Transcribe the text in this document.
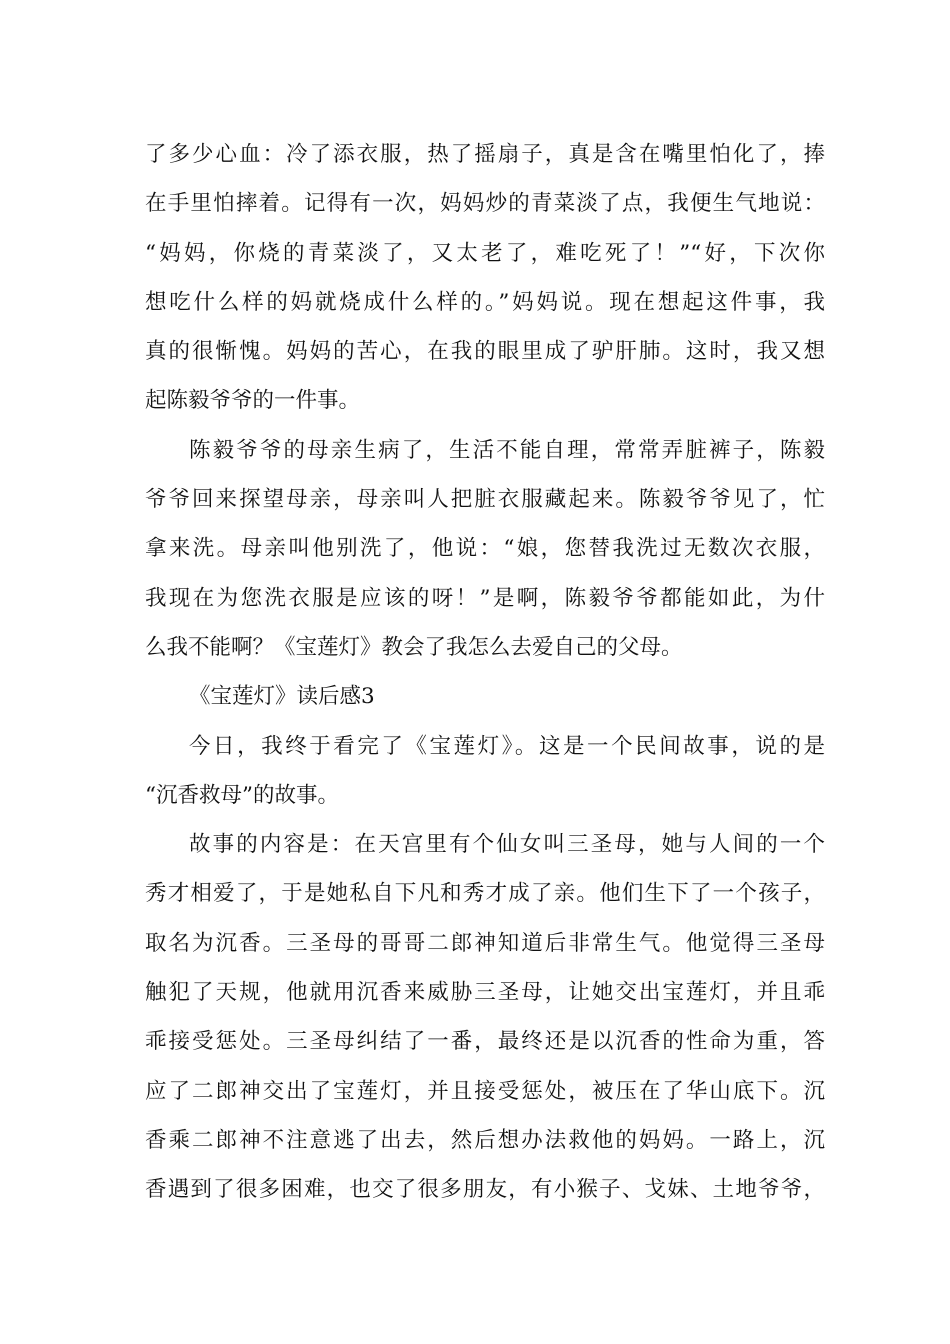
了多少心血：冷了添衣服，热了摇扇子，真是含在嘴里怕化了，捧
在手里怕摔着。记得有一次，妈妈炒的青菜淡了点，我便生气地说：
“妈妈，你烧的青菜淡了，又太老了，难吃死了！”“好，下次你
想吃什么样的妈就烧成什么样的。”妈妈说。现在想起这件事，我
真的很惭愧。妈妈的苦心，在我的眼里成了驴肝肺。这时，我又想
起陈毅爷爷的一件事。
陈毅爷爷的母亲生病了，生活不能自理，常常弄脏裤子，陈毅
爷爷回来探望母亲，母亲叫人把脏衣服藏起来。陈毅爷爷见了，忙
拿来洗。母亲叫他别洗了，他说：“娘，您替我洗过无数次衣服，
我现在为您洗衣服是应该的呀！”是啊，陈毅爷爷都能如此，为什
么我不能啊？《宝莲灯》教会了我怎么去爱自己的父母。
《宝莲灯》读后感3
今日，我终于看完了《宝莲灯》。这是一个民间故事，说的是
“沉香救母”的故事。
故事的内容是：在天宫里有个仙女叫三圣母，她与人间的一个
秀才相爱了，于是她私自下凡和秀才成了亲。他们生下了一个孩子，
取名为沉香。三圣母的哥哥二郎神知道后非常生气。他觉得三圣母
触犯了天规，他就用沉香来威胁三圣母，让她交出宝莲灯，并且乖
乖接受惩处。三圣母纠结了一番，最终还是以沉香的性命为重，答
应了二郎神交出了宝莲灯，并且接受惩处，被压在了华山底下。沉
香乘二郎神不注意逃了出去，然后想办法救他的妈妈。一路上，沉
香遇到了很多困难，也交了很多朋友，有小猴子、戈妹、土地爷爷，
